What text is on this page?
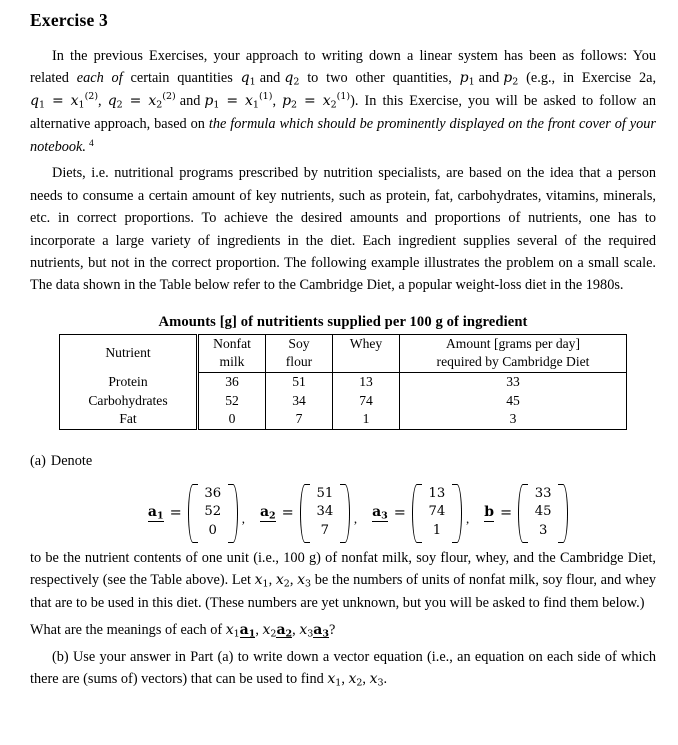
Exercise 3

In the previous Exercises, your approach to writing down a linear system has been as follows: You related each of certain quantities $q_1$ and $q_2$ to two other quantities, $p_1$ and $p_2$ (e.g., in Exercise 2a, $q_1 = x_1^{(2)}$, $q_2 = x_2^{(2)}$ and $p_1 = x_1^{(1)}$, $p_2 = x_2^{(1)}$). In this Exercise, you will be asked to follow an alternative approach, based on the formula which should be prominently displayed on the front cover of your notebook. $^4$

Diets, i.e. nutritional programs prescribed by nutrition specialists, are based on the idea that a person needs to consume a certain amount of key nutrients, such as protein, fat, carbohydrates, vitamins, minerals, etc. in correct proportions. To achieve the desired amounts and proportions of nutrients, one has to incorporate a large variety of ingredients in the diet. Each ingredient supplies several of the required nutrients, but not in the correct proportion. The following example illustrates the problem on a small scale. The data shown in the Table below refer to the Cambridge Diet, a popular weight-loss diet in the 1980s.

Amounts [g] of nutritients supplied per 100 g of ingredient
Nutrient	Nonfat	Soy	Whey	Amount [grams per day]
	milk	flour		required by Cambridge Diet
Protein	36	51	13	33
Carbohydrates	52	34	74	45
Fat	0	7	1	3

(a) Denote

$a_1$ =
36
52
0
, $a_2$ =
51
34
7
, $a_3$ =
13
74
1
, b =
33
45
3

to be the nutrient contents of one unit (i.e., 100 g) of nonfat milk, soy flour, whey, and the Cambridge Diet, respectively (see the Table above). Let $x_1$, $x_2$, $x_3$ be the numbers of units of nonfat milk, soy flour, and whey that are to be used in this diet. (These numbers are yet unknown, but you will be asked to find them below.)

What are the meanings of each of $x_1a_1$, $x_2a_2$, $x_3a_3$?

(b) Use your answer in Part (a) to write down a vector equation (i.e., an equation on each side of which there are (sums of) vectors) that can be used to find $x_1$, $x_2$, $x_3$.
